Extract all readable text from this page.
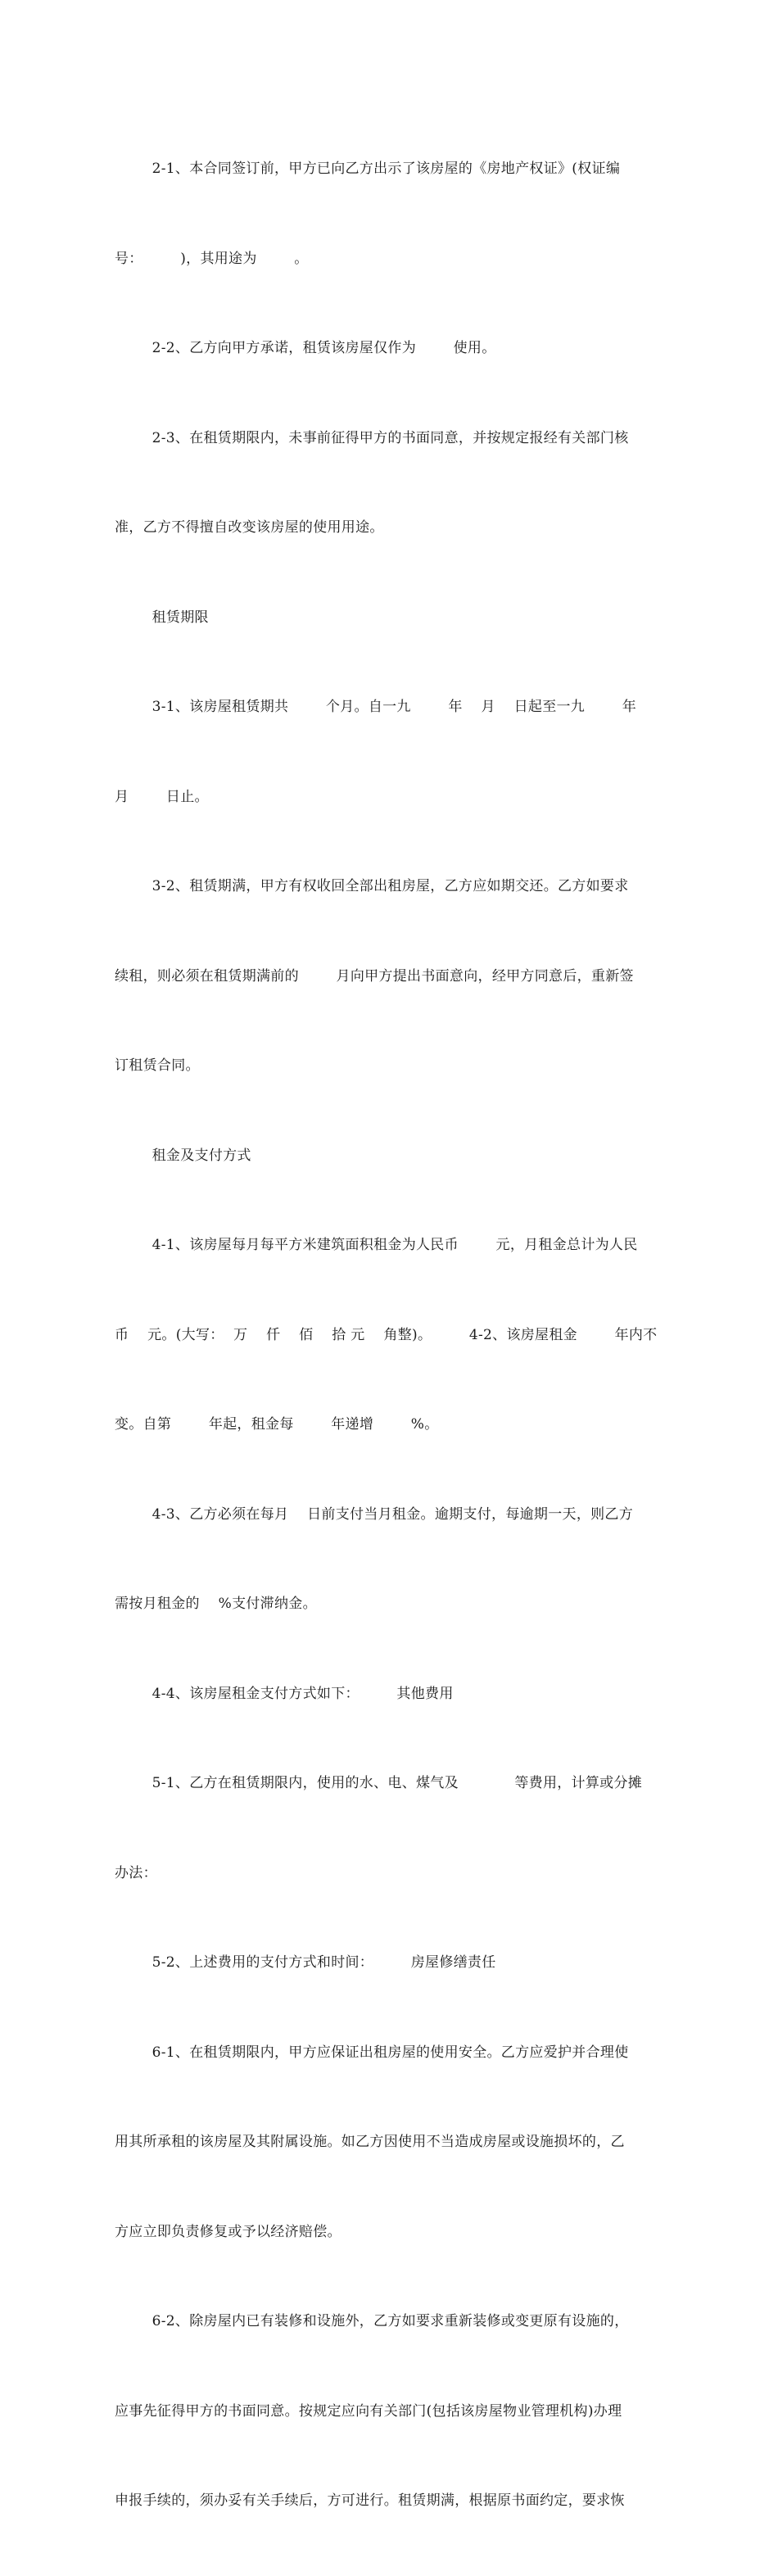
2-1、本合同签订前，甲方已向乙方出示了该房屋的《房地产权证》(权证编

号：        )，其用途为        。

2-2、乙方向甲方承诺，租赁该房屋仅作为        使用。

2-3、在租赁期限内，未事前征得甲方的书面同意，并按规定报经有关部门核

准，乙方不得擅自改变该房屋的使用用途。

租赁期限

3-1、该房屋租赁期共        个月。自一九        年    月    日起至一九        年

月        日止。

3-2、租赁期满，甲方有权收回全部出租房屋，乙方应如期交还。乙方如要求

续租，则必须在租赁期满前的        月向甲方提出书面意向，经甲方同意后，重新签

订租赁合同。

租金及支付方式

4-1、该房屋每月每平方米建筑面积租金为人民币        元，月租金总计为人民

币    元。(大写：  万    仟    佰    拾 元    角整)。        4-2、该房屋租金        年内不

变。自第        年起，租金每        年递增        %。

4-3、乙方必须在每月    日前支付当月租金。逾期支付，每逾期一天，则乙方

需按月租金的    %支付滞纳金。

4-4、该房屋租金支付方式如下：        其他费用

5-1、乙方在租赁期限内，使用的水、电、煤气及            等费用，计算或分摊

办法：

5-2、上述费用的支付方式和时间：        房屋修缮责任

6-1、在租赁期限内，甲方应保证出租房屋的使用安全。乙方应爱护并合理使

用其所承租的该房屋及其附属设施。如乙方因使用不当造成房屋或设施损坏的，乙

方应立即负责修复或予以经济赔偿。

6-2、除房屋内已有装修和设施外，乙方如要求重新装修或变更原有设施的，

应事先征得甲方的书面同意。按规定应向有关部门(包括该房屋物业管理机构)办理

申报手续的，须办妥有关手续后，方可进行。租赁期满，根据原书面约定，要求恢
